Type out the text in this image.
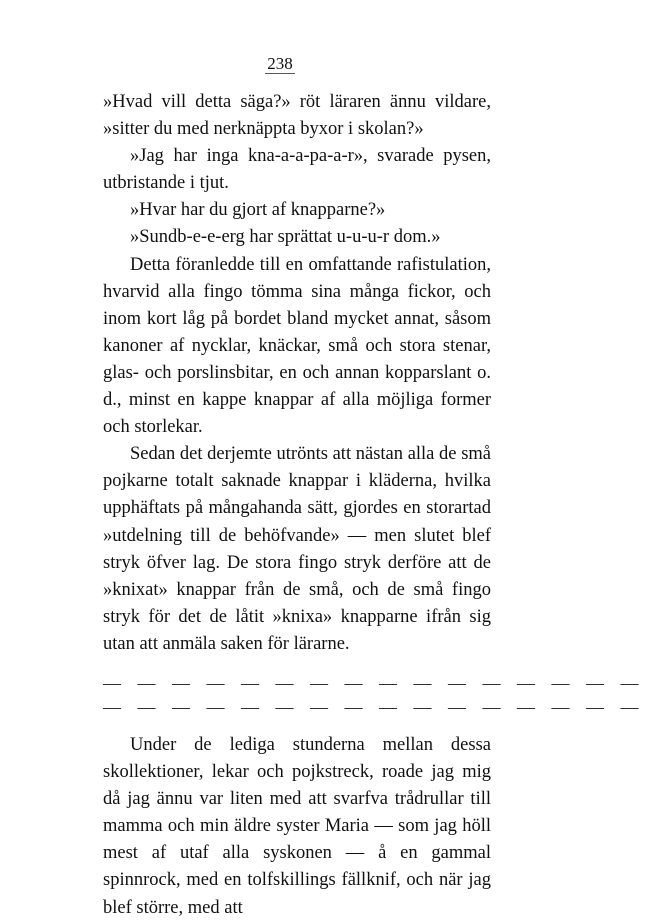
238

»Hvad vill detta säga?» röt läraren ännu vildare, »sitter du med nerknäppta byxor i skolan?»

»Jag har inga kna-a-a-pa-a-r», svarade pysen, utbristande i tjut.

»Hvar har du gjort af knapparne?»

»Sundb-e-e-erg har sprättat u-u-u-r dom.»

Detta föranledde till en omfattande rafistulation, hvarvid alla fingo tömma sina många fickor, och inom kort låg på bordet bland mycket annat, såsom kanoner af nycklar, knäckar, små och stora stenar, glas- och porslinsbitar, en och annan kopparslant o. d., minst en kappe knappar af alla möjliga former och storlekar.

Sedan det derjemte utrönts att nästan alla de små pojkarne totalt saknade knappar i kläderna, hvilka upphäftats på mångahanda sätt, gjordes en storartad »utdelning till de behöfvande» — men slutet blef stryk öfver lag. De stora fingo stryk derföre att de »knixat» knappar från de små, och de små fingo stryk för det de låtit »knixa» knapparne ifrån sig utan att anmäla saken för lärarne.

— — — — — — — — — — — — — — — —
— — — — — — — — — — — — — — — —

Under de lediga stunderna mellan dessa skollektioner, lekar och pojkstreck, roade jag mig då jag ännu var liten med att svarfva trådrullar till mamma och min äldre syster Maria — som jag höll mest af utaf alla syskonen — å en gammal spinnrock, med en tolfskillings fällknif, och när jag blef större, med att
